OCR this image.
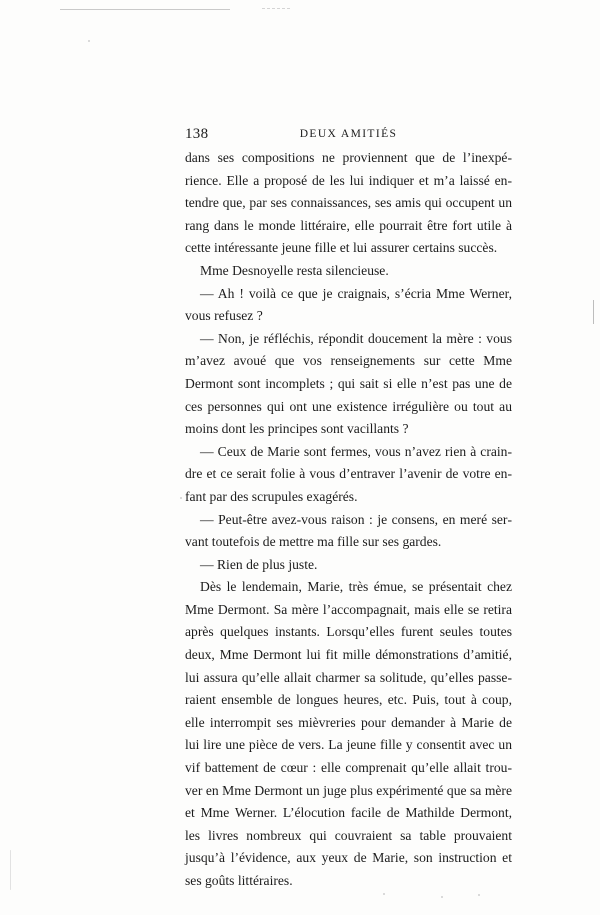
138	DEUX AMITIÉS

dans ses compositions ne proviennent que de l’inexpérience. Elle a proposé de les lui indiquer et m’a laissé entendre que, par ses connaissances, ses amis qui occupent un rang dans le monde littéraire, elle pourrait être fort utile à cette intéressante jeune fille et lui assurer certains succès.

Mme Desnoyelle resta silencieuse.

— Ah ! voilà ce que je craignais, s’écria Mme Werner, vous refusez ?

— Non, je réfléchis, répondit doucement la mère : vous m’avez avoué que vos renseignements sur cette Mme Dermont sont incomplets ; qui sait si elle n’est pas une de ces personnes qui ont une existence irrégulière ou tout au moins dont les principes sont vacillants ?

— Ceux de Marie sont fermes, vous n’avez rien à craindre et ce serait folie à vous d’entraver l’avenir de votre enfant par des scrupules exagérés.

— Peut-être avez-vous raison : je consens, en meré servant toutefois de mettre ma fille sur ses gardes.

— Rien de plus juste.

Dès le lendemain, Marie, très émue, se présentait chez Mme Dermont. Sa mère l’accompagnait, mais elle se retira après quelques instants. Lorsqu’elles furent seules toutes deux, Mme Dermont lui fit mille démonstrations d’amitié, lui assura qu’elle allait charmer sa solitude, qu’elles passeraient ensemble de longues heures, etc. Puis, tout à coup, elle interrompit ses mièvreries pour demander à Marie de lui lire une pièce de vers. La jeune fille y consentit avec un vif battement de cœur : elle comprenait qu’elle allait trouver en Mme Dermont un juge plus expérimenté que sa mère et Mme Werner. L’élocution facile de Mathilde Dermont, les livres nombreux qui couvraient sa table prouvaient jusqu’à l’évidence, aux yeux de Marie, son instruction et ses goûts littéraires.
